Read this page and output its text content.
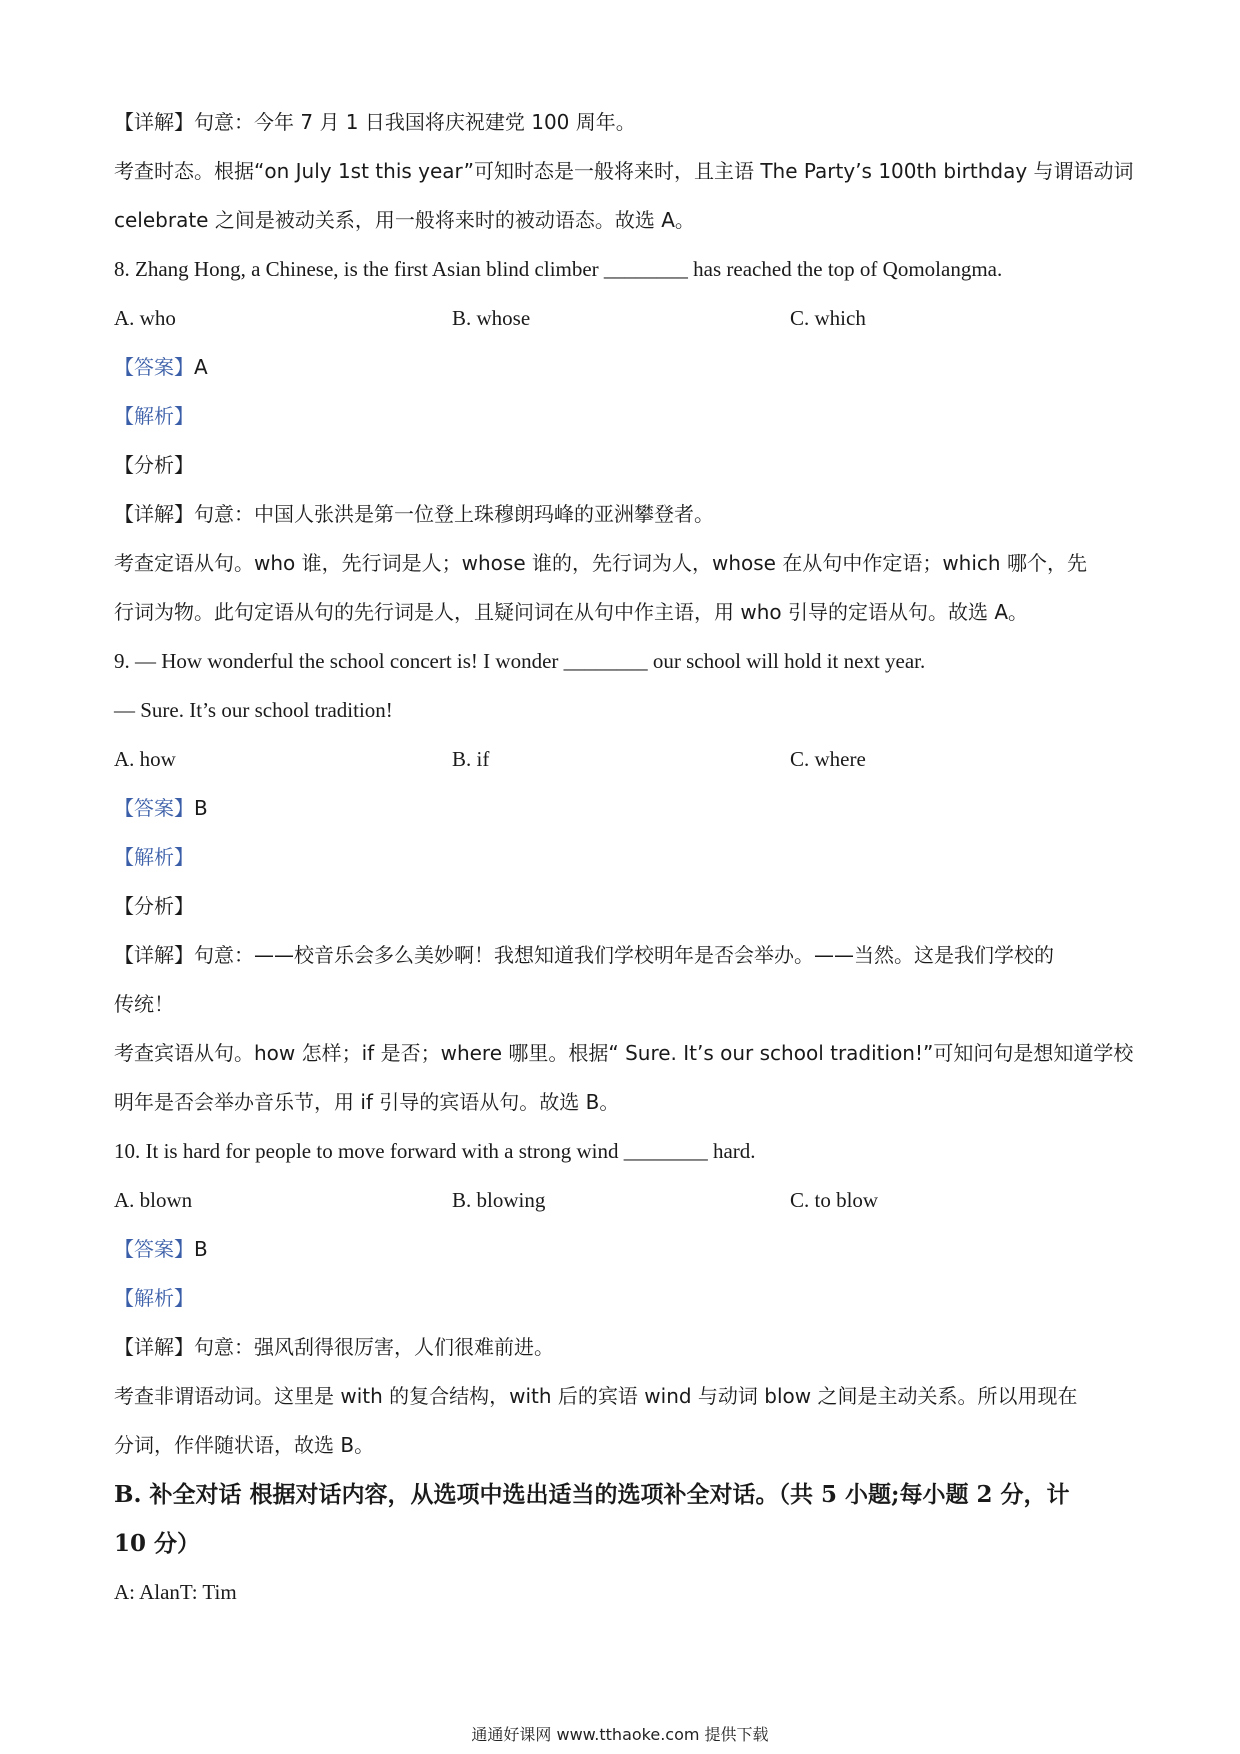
【详解】句意：今年 7 月 1 日我国将庆祝建党 100 周年。
考查时态。根据“on July 1st this year”可知时态是一般将来时，且主语 The Party’s 100th birthday 与谓语动词
celebrate 之间是被动关系，用一般将来时的被动语态。故选 A。
8. Zhang Hong, a Chinese, is the first Asian blind climber ________ has reached the top of Qomolangma.
A. who	B. whose	C. which
【答案】A
【解析】
【分析】
【详解】句意：中国人张洪是第一位登上珠穆朗玛峰的亚洲攀登者。
考查定语从句。who 谁，先行词是人；whose 谁的，先行词为人，whose 在从句中作定语；which 哪个，先
行词为物。此句定语从句的先行词是人，且疑问词在从句中作主语，用 who 引导的定语从句。故选 A。
9. — How wonderful the school concert is! I wonder ________ our school will hold it next year.
— Sure. It’s our school tradition!
A. how	B. if	C. where
【答案】B
【解析】
【分析】
【详解】句意：——校音乐会多么美妙啊！我想知道我们学校明年是否会举办。——当然。这是我们学校的
传统！
考查宾语从句。how 怎样；if 是否；where 哪里。根据“ Sure. It’s our school tradition!”可知问句是想知道学校
明年是否会举办音乐节，用 if 引导的宾语从句。故选 B。
10. It is hard for people to move forward with a strong wind ________ hard.
A. blown	B. blowing	C. to blow
【答案】B
【解析】
【详解】句意：强风刮得很厉害，人们很难前进。
考查非谓语动词。这里是 with 的复合结构，with 后的宾语 wind 与动词 blow 之间是主动关系。所以用现在
分词，作伴随状语，故选 B。
B. 补全对话 根据对话内容，从选项中选出适当的选项补全对话。（共 5 小题;每小题 2 分，计
10 分）
A: AlanT: Tim
通通好课网 www.tthaoke.com 提供下载
